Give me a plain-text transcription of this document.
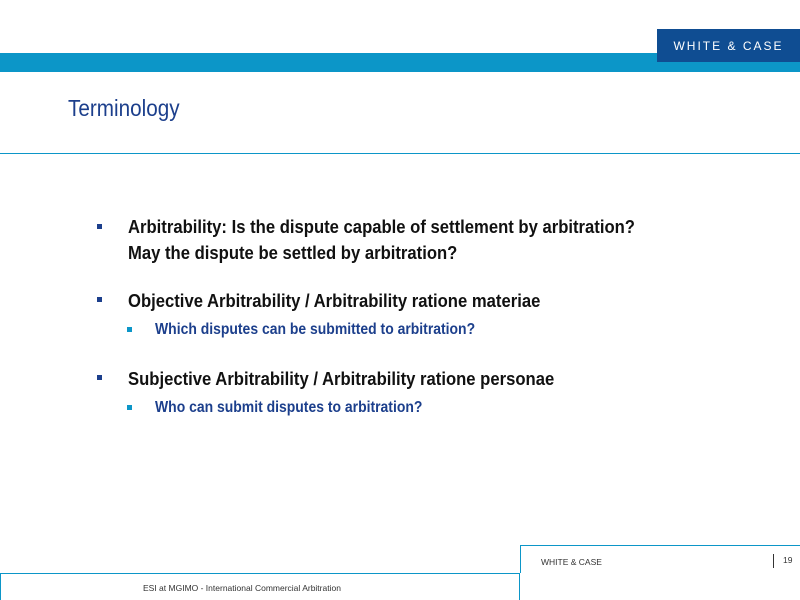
WHITE & CASE
Terminology
Arbitrability: Is the dispute capable of settlement by arbitration?
May the dispute be settled by arbitration?
Objective Arbitrability / Arbitrability ratione materiae
Which disputes can be submitted to arbitration?
Subjective Arbitrability / Arbitrability ratione personae
Who can submit disputes to arbitration?
WHITE & CASE	19
ESI at MGIMO - International Commercial Arbitration
